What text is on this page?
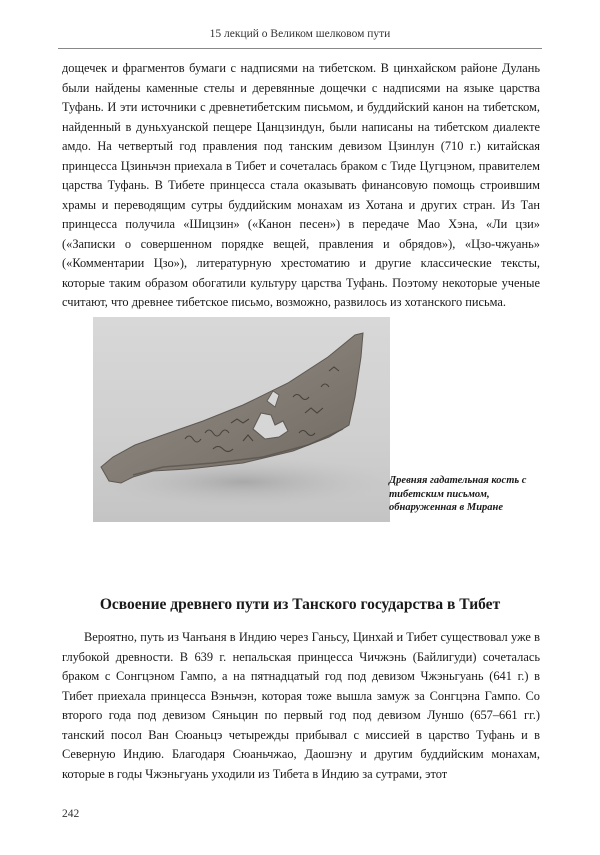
15 лекций о Великом шелковом пути

дощечек и фрагментов бумаги с надписями на тибетском. В цинхайском районе Дулань были найдены каменные стелы и деревянные дощечки с надписями на языке царства Туфань. И эти источники с древнетибетским письмом, и буддийский канон на тибетском, найденный в дуньхуанской пещере Цанцзиндун, были написаны на тибетском диалекте амдо. На четвертый год правления под танским девизом Цзинлун (710 г.) китайская принцесса Цзиньчэн приехала в Тибет и сочеталась браком с Тиде Цугцэном, правителем царства Туфань. В Тибете принцесса стала оказывать финансовую помощь строившим храмы и переводящим сутры буддийским монахам из Хотана и других стран. Из Тан принцесса получила «Шицзин» («Канон песен») в передаче Мао Хэна, «Ли цзи» («Записки о совершенном порядке вещей, правления и обрядов»), «Цзо-чжуань» («Комментарии Цзо»), литературную хрестоматию и другие классические тексты, которые таким образом обогатили культуру царства Туфань. Поэтому некоторые ученые считают, что древнее тибетское письмо, возможно, развилось из хотанского письма.

Древняя гадательная кость с тибетским письмом, обнаруженная в Миране

Освоение древнего пути из Танского государства в Тибет

Вероятно, путь из Чанъаня в Индию через Ганьсу, Цинхай и Тибет существовал уже в глубокой древности. В 639 г. непальская принцесса Чичжэнь (Байлигуди) сочеталась браком с Сонгцэном Гампо, а на пятнадцатый год под девизом Чжэньгуань (641 г.) в Тибет приехала принцесса Вэньчэн, которая тоже вышла замуж за Сонгцэна Гампо. Со второго года под девизом Сяньцин по первый год под девизом Луншо (657–661 гг.) танский посол Ван Сюаньцэ четырежды прибывал с миссией в царство Туфань и в Северную Индию. Благодаря Сюаньчжао, Даошэну и другим буддийским монахам, которые в годы Чжэньгуань уходили из Тибета в Индию за сутрами, этот

242
